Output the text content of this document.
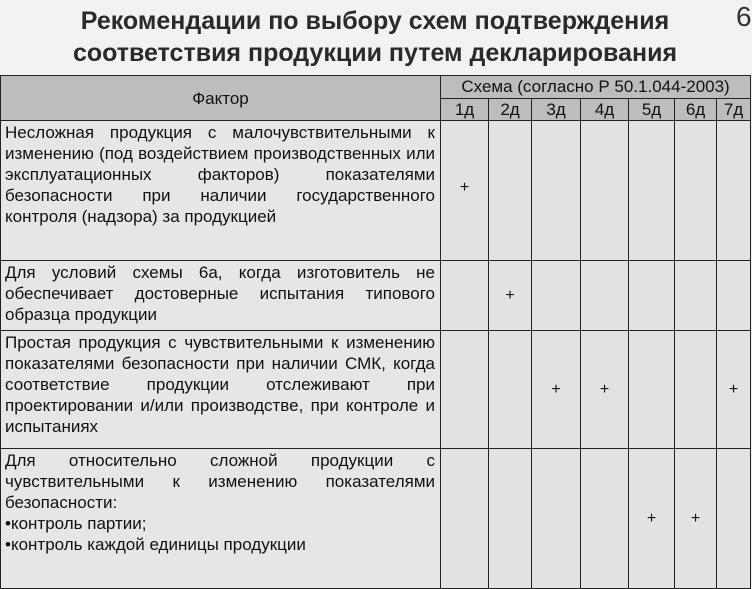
Рекомендации по выбору схем подтверждения
соответствия продукции путем декларирования
6
Фактор	Схема (согласно Р 50.1.044-2003)						
	1д	2д	3д	4д	5д	6д	7д
Несложная продукция с малочувствительными к изменению (под воздействием производственных или эксплуатационных факторов) показателями безопасности при наличии государственного контроля (надзора) за продукцией	+						
Для условий схемы 6а, когда изготовитель не обеспечивает достоверные испытания типового образца продукции		+					
Простая продукция с чувствительными к изменению показателями безопасности при наличии СМК, когда соответствие продукции отслеживают при проектировании и/или производстве, при контроле и испытаниях			+	+			+
Для относительно сложной продукции с чувствительными к изменению показателями безопасности:
•контроль партии;
•контроль каждой единицы продукции					+	+	
